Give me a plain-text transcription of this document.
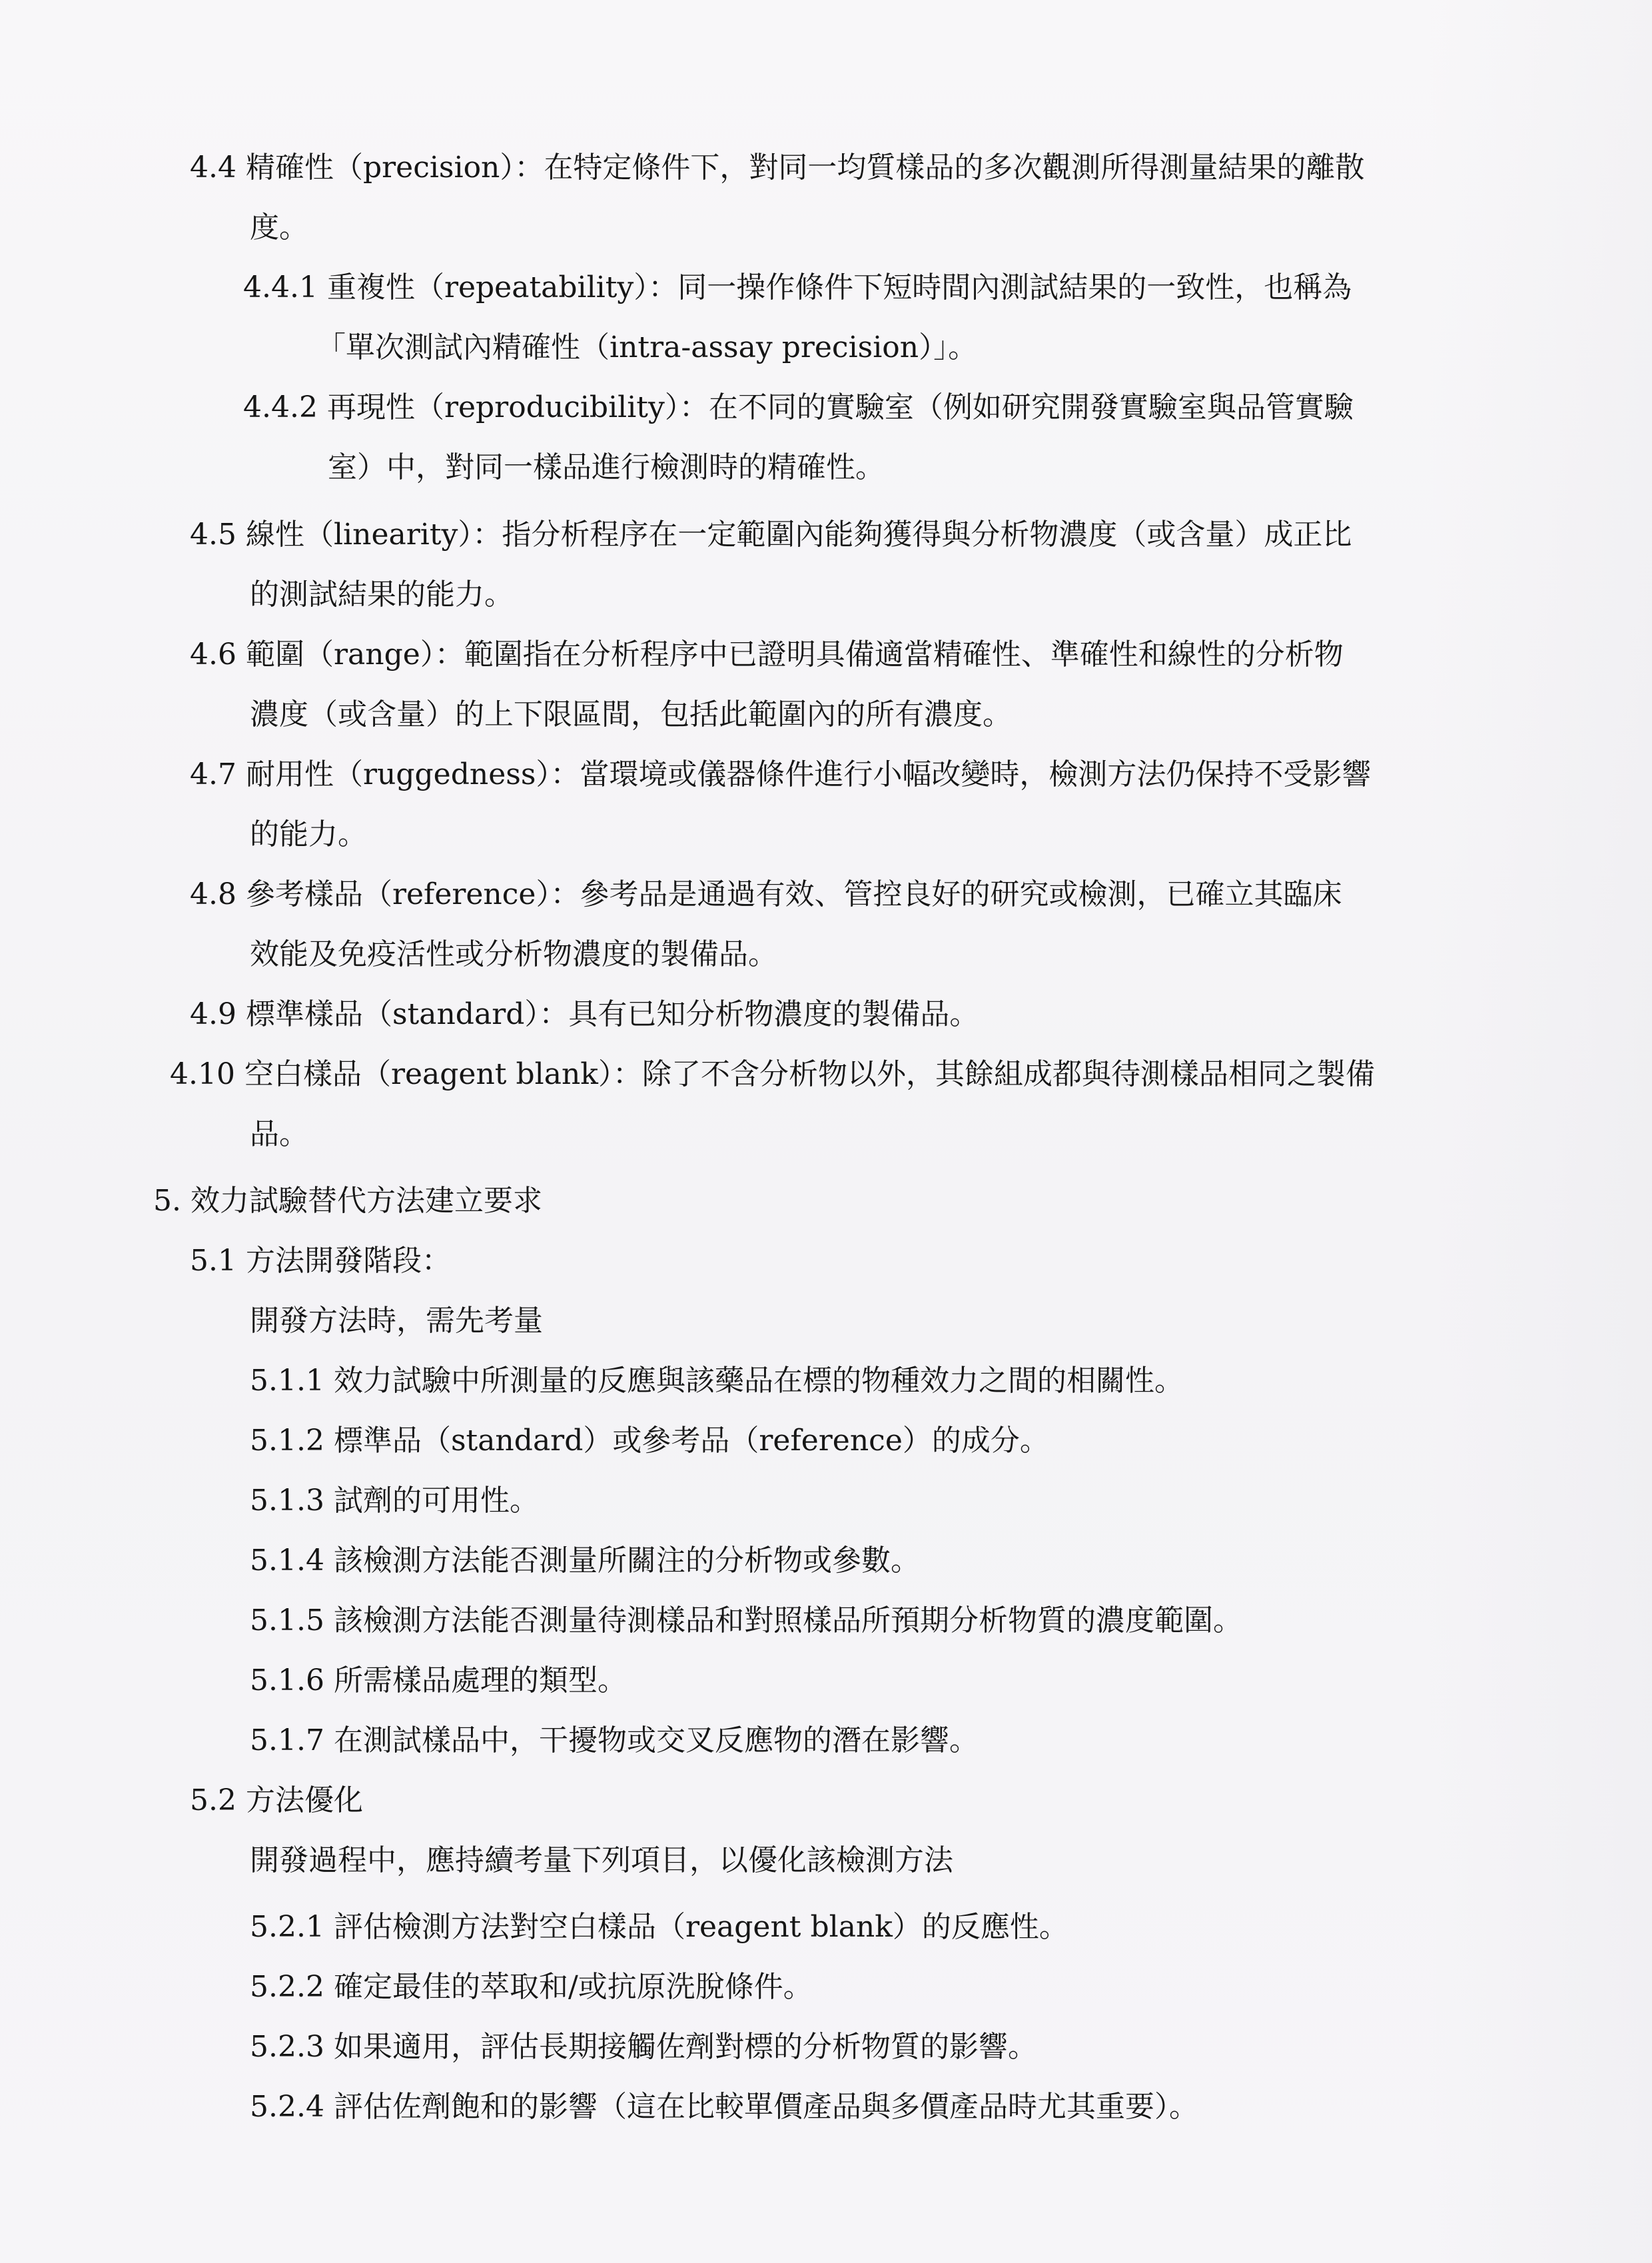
4.4 精確性（precision）：在特定條件下，對同一均質樣品的多次觀測所得測量結果的離散

度。

4.4.1 重複性（repeatability）：同一操作條件下短時間內測試結果的一致性，也稱為

「單次測試內精確性（intra-assay precision）」。

4.4.2 再現性（reproducibility）：在不同的實驗室（例如研究開發實驗室與品管實驗

室）中，對同一樣品進行檢測時的精確性。

4.5 線性（linearity）：指分析程序在一定範圍內能夠獲得與分析物濃度（或含量）成正比

的測試結果的能力。

4.6 範圍（range）：範圍指在分析程序中已證明具備適當精確性、準確性和線性的分析物

濃度（或含量）的上下限區間，包括此範圍內的所有濃度。

4.7 耐用性（ruggedness）：當環境或儀器條件進行小幅改變時，檢測方法仍保持不受影響

的能力。

4.8 參考樣品（reference）：參考品是通過有效、管控良好的研究或檢測，已確立其臨床

效能及免疫活性或分析物濃度的製備品。

4.9 標準樣品（standard）：具有已知分析物濃度的製備品。

4.10 空白樣品（reagent blank）：除了不含分析物以外，其餘組成都與待測樣品相同之製備

品。

5. 效力試驗替代方法建立要求

5.1 方法開發階段：

開發方法時，需先考量

5.1.1 效力試驗中所測量的反應與該藥品在標的物種效力之間的相關性。

5.1.2 標準品（standard）或參考品（reference）的成分。

5.1.3 試劑的可用性。

5.1.4 該檢測方法能否測量所關注的分析物或參數。

5.1.5 該檢測方法能否測量待測樣品和對照樣品所預期分析物質的濃度範圍。

5.1.6 所需樣品處理的類型。

5.1.7 在測試樣品中，干擾物或交叉反應物的潛在影響。

5.2 方法優化

開發過程中，應持續考量下列項目，以優化該檢測方法

5.2.1 評估檢測方法對空白樣品（reagent blank）的反應性。

5.2.2 確定最佳的萃取和/或抗原洗脫條件。

5.2.3 如果適用，評估長期接觸佐劑對標的分析物質的影響。

5.2.4 評估佐劑飽和的影響（這在比較單價產品與多價產品時尤其重要）。
